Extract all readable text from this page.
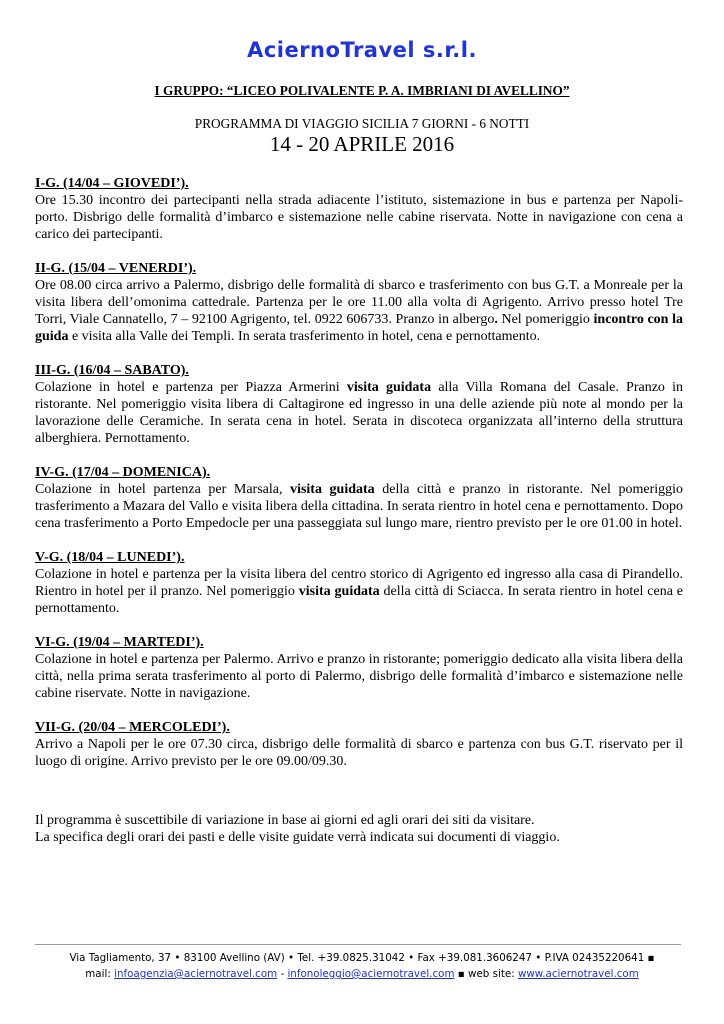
AciernoTravel s.r.l.
I GRUPPO: “LICEO POLIVALENTE P. A. IMBRIANI DI AVELLINO”
PROGRAMMA DI VIAGGIO SICILIA 7 GIORNI - 6 NOTTI
14 - 20 APRILE 2016
I-G. (14/04 – GIOVEDI’).

Ore 15.30 incontro dei partecipanti nella strada adiacente l’istituto, sistemazione in bus e partenza per Napoli-porto. Disbrigo delle formalità d’imbarco e sistemazione nelle cabine riservata. Notte in navigazione con cena a carico dei partecipanti.

II-G. (15/04 – VENERDI’).

Ore 08.00 circa arrivo a Palermo, disbrigo delle formalità di sbarco e trasferimento con bus G.T. a Monreale per la visita libera dell’omonima cattedrale. Partenza per le ore 11.00 alla volta di Agrigento. Arrivo presso hotel Tre Torri, Viale Cannatello, 7 – 92100 Agrigento, tel. 0922 606733. Pranzo in albergo. Nel pomeriggio incontro con la guida e visita alla Valle dei Templi. In serata trasferimento in hotel, cena e pernottamento.

III-G. (16/04 – SABATO).

Colazione in hotel e partenza per Piazza Armerini visita guidata alla Villa Romana del Casale. Pranzo in ristorante. Nel pomeriggio visita libera di Caltagirone ed ingresso in una delle aziende più note al mondo per la lavorazione delle Ceramiche. In serata cena in hotel. Serata in discoteca organizzata all’interno della struttura alberghiera. Pernottamento.

IV-G. (17/04 – DOMENICA).

Colazione in hotel partenza per Marsala, visita guidata della città e pranzo in ristorante. Nel pomeriggio trasferimento a Mazara del Vallo e visita libera della cittadina. In serata rientro in hotel cena e pernottamento. Dopo cena trasferimento a Porto Empedocle per una passeggiata sul lungo mare, rientro previsto per le ore 01.00 in hotel.

V-G. (18/04 – LUNEDI’).

Colazione in hotel e partenza per la visita libera del centro storico di Agrigento ed ingresso alla casa di Pirandello. Rientro in hotel per il pranzo. Nel pomeriggio visita guidata della città di Sciacca. In serata rientro in hotel cena e pernottamento.

VI-G. (19/04 – MARTEDI’).

Colazione in hotel e partenza per Palermo. Arrivo e pranzo in ristorante; pomeriggio dedicato alla visita libera della città, nella prima serata trasferimento al porto di Palermo, disbrigo delle formalità d’imbarco e sistemazione nelle cabine riservate. Notte in navigazione.

VII-G. (20/04 – MERCOLEDI’).

Arrivo a Napoli per le ore 07.30 circa, disbrigo delle formalità di sbarco e partenza con bus G.T. riservato per il luogo di origine. Arrivo previsto per le ore 09.00/09.30.

Il programma è suscettibile di variazione in base ai giorni ed agli orari dei siti da visitare.

La specifica degli orari dei pasti e delle visite guidate verrà indicata sui documenti di viaggio.

Via Tagliamento, 37 • 83100 Avellino (AV) • Tel. +39.0825.31042 • Fax +39.081.3606247 • P.IVA 02435220641 ▪
mail: infoagenzia@aciernotravel.com - infonoleggio@aciernotravel.com ▪ web site: www.aciernotravel.com
